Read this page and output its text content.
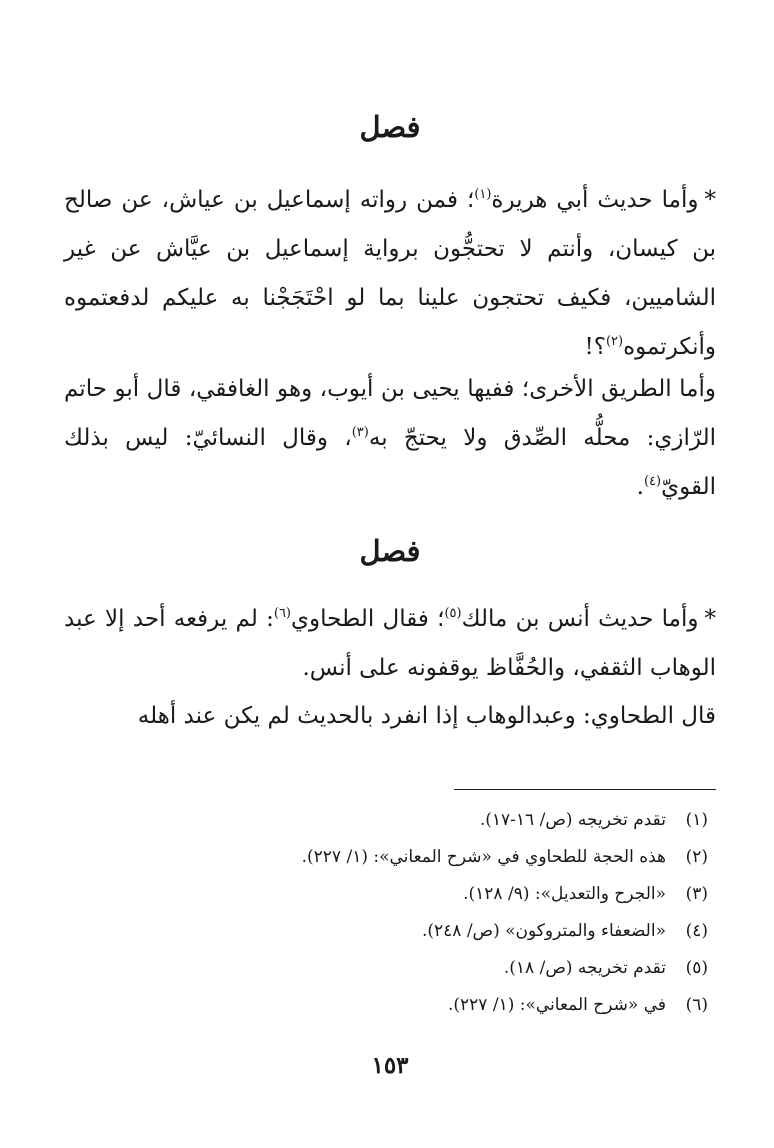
فصل

*وأما حديث أبي هريرة$^{(١)}$؛ فمن رواته إسماعيل بن عياش، عن صالح بن كيسان، وأنتم لا تحتجُّون برواية إسماعيل بن عيَّاش عن غير الشاميين، فكيف تحتجون علينا بما لو احْتَجَجْنا به عليكم لدفعتموه وأنكرتموه$^{(٢)}$؟!

وأما الطريق الأخرى؛ ففيها يحيى بن أيوب، وهو الغافقي، قال أبو حاتم الرّازي: محلُّه الصِّدق ولا يحتجّ به$^{(٣)}$، وقال النسائيّ: ليس بذلك القويّ$^{(٤)}$.

فصل

*وأما حديث أنس بن مالك$^{(٥)}$؛ فقال الطحاوي$^{(٦)}$: لم يرفعه أحد إلا عبد الوهاب الثقفي، والحُفَّاظ يوقفونه على أنس.

قال الطحاوي: وعبدالوهاب إذا انفرد بالحديث لم يكن عند أهله

(١)تقدم تخريجه (ص/ ١٦-١٧).
(٢)هذه الحجة للطحاوي في «شرح المعاني»: (١/ ٢٢٧).
(٣)«الجرح والتعديل»: (٩/ ١٢٨).
(٤)«الضعفاء والمتروكون» (ص/ ٢٤٨).
(٥)تقدم تخريجه (ص/ ١٨).
(٦)في «شرح المعاني»: (١/ ٢٢٧).
١٥٣
